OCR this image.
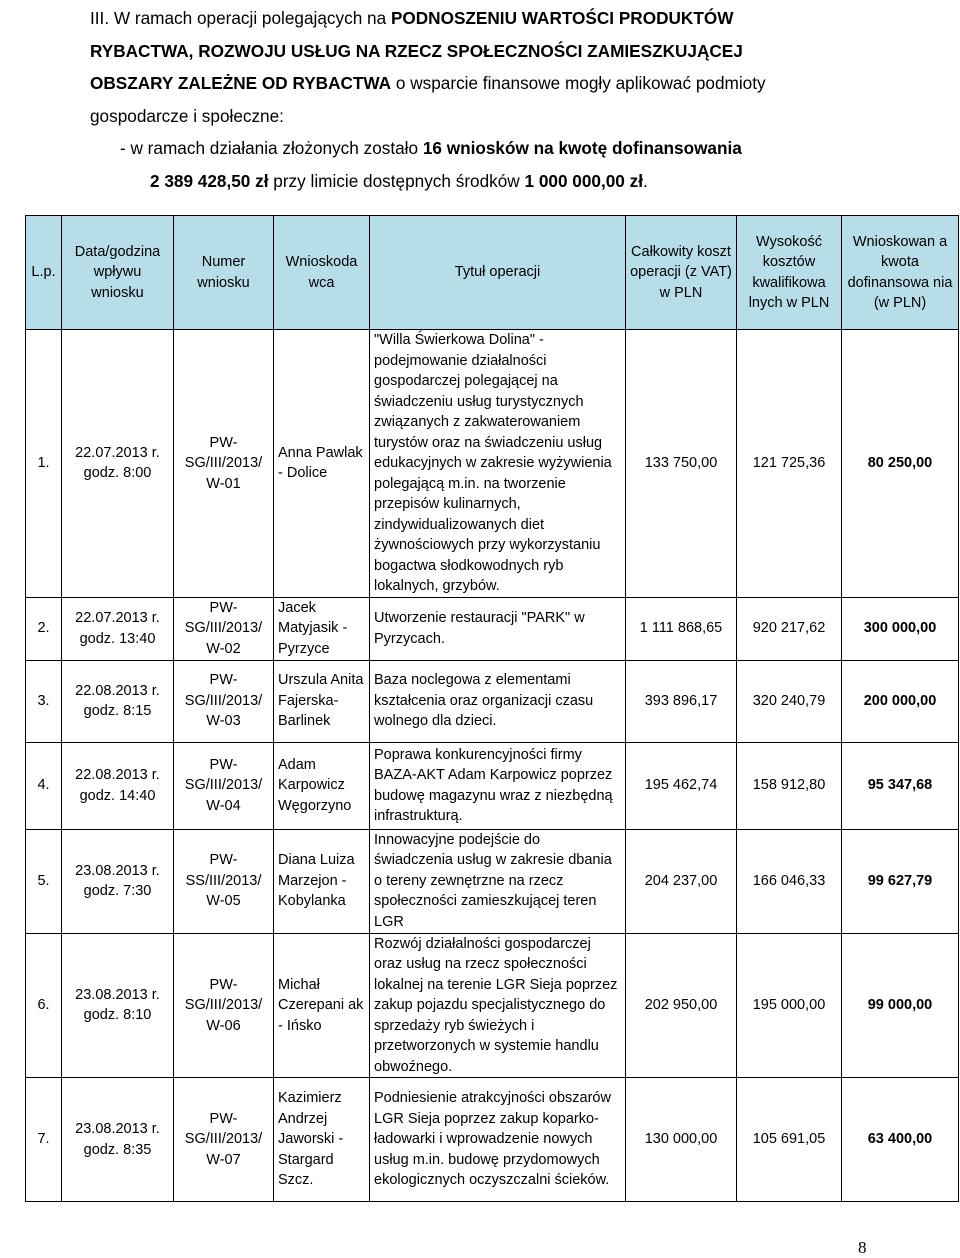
III. W ramach operacji polegających na PODNOSZENIU WARTOŚCI PRODUKTÓW

RYBACTWA, ROZWOJU USŁUG NA RZECZ SPOŁECZNOŚCI ZAMIESZKUJĄCEJ

OBSZARY ZALEŻNE OD RYBACTWA o wsparcie finansowe mogły aplikować podmioty

gospodarcze i społeczne:

- w ramach działania złożonych zostało 16 wniosków na kwotę dofinansowania

2 389 428,50 zł przy limicie dostępnych środków 1 000 000,00 zł.

L.p.	Data/godzina wpływu wniosku	Numer wniosku	Wnioskoda wca	Tytuł operacji	Całkowity koszt operacji (z VAT) w PLN	Wysokość kosztów kwalifikowa lnych w PLN	Wnioskowan a kwota dofinansowa nia (w PLN)
1.	22.07.2013 r. godz. 8:00	PW-SG/III/2013/ W-01	Anna Pawlak - Dolice	"Willa Świerkowa Dolina" - podejmowanie działalności gospodarczej polegającej na świadczeniu usług turystycznych związanych z zakwaterowaniem turystów oraz na świadczeniu usług edukacyjnych w zakresie wyżywienia polegającą m.in. na tworzenie przepisów kulinarnych, zindywidualizowanych diet żywnościowych przy wykorzystaniu bogactwa słodkowodnych ryb lokalnych, grzybów.	133 750,00	121 725,36	80 250,00
2.	22.07.2013 r. godz. 13:40	PW-SG/III/2013/ W-02	Jacek Matyjasik - Pyrzyce	Utworzenie restauracji "PARK" w Pyrzycach.	1 111 868,65	920 217,62	300 000,00
3.	22.08.2013 r. godz. 8:15	PW-SG/III/2013/ W-03	Urszula Anita Fajerska-Barlinek	Baza noclegowa z elementami kształcenia oraz organizacji czasu wolnego dla dzieci.	393 896,17	320 240,79	200 000,00
4.	22.08.2013 r. godz. 14:40	PW-SG/III/2013/ W-04	Adam Karpowicz Węgorzyno	Poprawa konkurencyjności firmy BAZA-AKT Adam Karpowicz poprzez budowę magazynu wraz z niezbędną infrastrukturą.	195 462,74	158 912,80	95 347,68
5.	23.08.2013 r. godz. 7:30	PW-SS/III/2013/ W-05	Diana Luiza Marzejon - Kobylanka	Innowacyjne podejście do świadczenia usług w zakresie dbania o tereny zewnętrzne na rzecz społeczności zamieszkującej teren LGR	204 237,00	166 046,33	99 627,79
6.	23.08.2013 r. godz. 8:10	PW-SG/III/2013/ W-06	Michał Czerepani ak - Ińsko	Rozwój działalności gospodarczej oraz usług na rzecz społeczności lokalnej na terenie LGR Sieja poprzez zakup pojazdu specjalistycznego do sprzedaży ryb świeżych i przetworzonych w systemie handlu obwoźnego.	202 950,00	195 000,00	99 000,00
7.	23.08.2013 r. godz. 8:35	PW-SG/III/2013/ W-07	Kazimierz Andrzej Jaworski - Stargard Szcz.	Podniesienie atrakcyjności obszarów LGR Sieja poprzez zakup koparko-ładowarki i wprowadzenie nowych usług m.in. budowę przydomowych ekologicznych oczyszczalni ścieków.	130 000,00	105 691,05	63 400,00
8
